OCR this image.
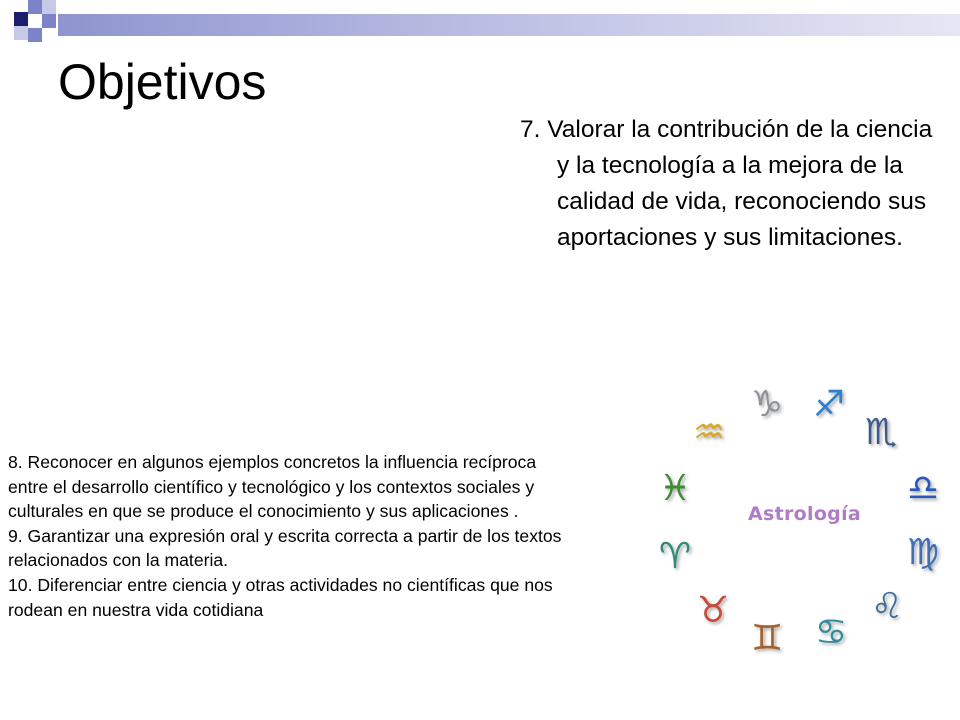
Objetivos
7. Valorar la contribución de la ciencia y la tecnología a la mejora de la calidad de vida, reconociendo sus aportaciones y sus limitaciones.

8. Reconocer en algunos ejemplos concretos la influencia recíproca entre el desarrollo científico y tecnológico y los contextos sociales y culturales en que se produce el conocimiento y sus aplicaciones .

9. Garantizar una expresión oral y escrita correcta a partir de los textos relacionados con la materia.

10. Diferenciar entre ciencia y otras actividades no científicas que nos rodean en nuestra vida cotidiana

Astrología
♑ ♐
♒	♏
♓	♎
♈	♍
♉	♌
♊ ♋
